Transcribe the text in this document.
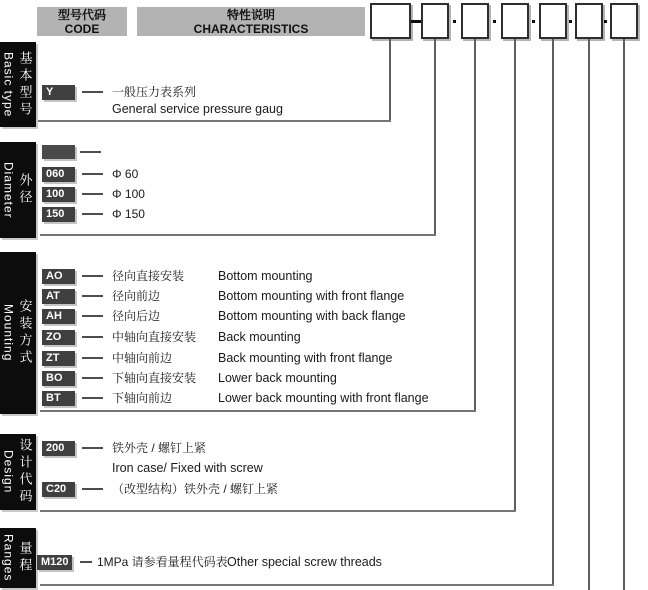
型号代码
CODE
特性说明
CHARACTERISTICS
基本型号
Basic type
外径
Diameter
安装方式
Mounting
设计代码
Design
量程
Ranges
Y	一般压力表系列
General service pressure gaug
060	Φ 60
100	Φ 100
150	Φ 150
AO	径向直接安装	Bottom mounting
AT	径向前边	Bottom mounting with front flange
AH	径向后边	Bottom mounting with back flange
ZO	中轴向直接安装 Back mounting
ZT	中轴向前边	Back mounting with front flange
BO	下轴向直接安装 Lower back mounting
BT	下轴向前边	Lower back mounting with front flange
200	铁外壳 / 螺钉上紧
Iron case/ Fixed with screw
C20	（改型结构）铁外壳 / 螺钉上紧
M120 1MPa 请参看量程代码表 Other special screw threads
